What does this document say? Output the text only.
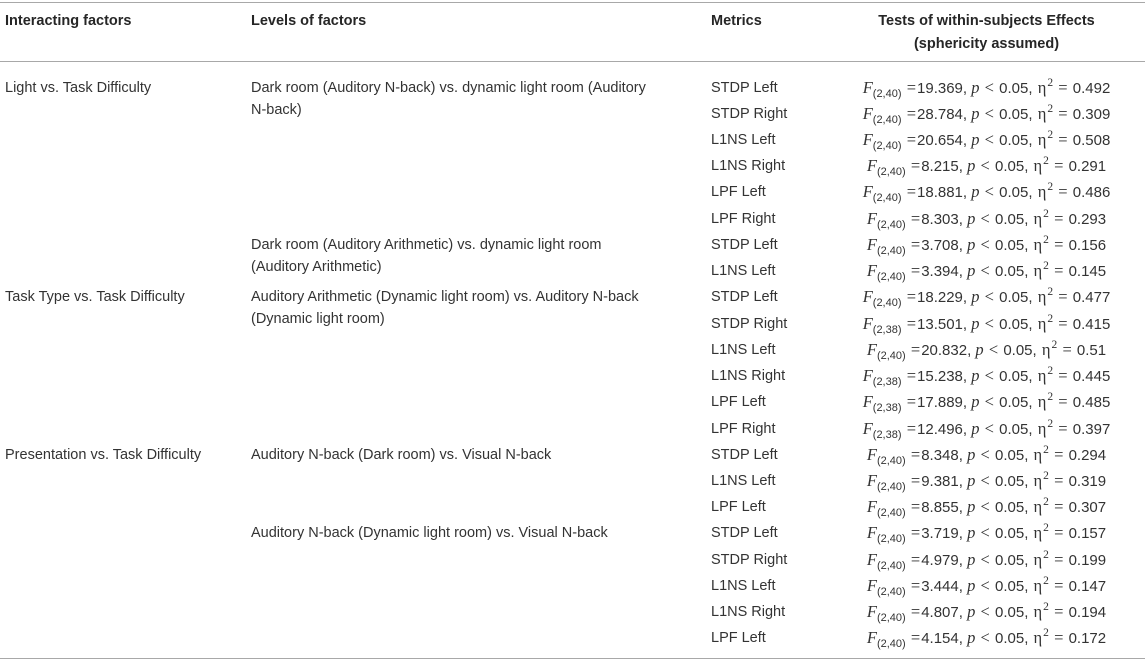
Interacting factors	Levels of factors	Metrics	Tests of within-subjects Effects (sphericity assumed)

Light vs. Task Difficulty	Dark room (Auditory N-back) vs. dynamic light room (Auditory N-back)	STDP Left	$F_{(2,40)} =19.369$, p < 0.05, $\eta^2 = 0.492$
		STDP Right	$F_{(2,40)} =28.784$, p < 0.05, $\eta^2 = 0.309$
		L1NS Left	$F_{(2,40)} =20.654$, p < 0.05, $\eta^2 = 0.508$
		L1NS Right	$F_{(2,40)} =8.215$, p < 0.05, $\eta^2 = 0.291$
		LPF Left	$F_{(2,40)} =18.881$, p < 0.05, $\eta^2 = 0.486$
		LPF Right	$F_{(2,40)} =8.303$, p < 0.05, $\eta^2 = 0.293$

	Dark room (Auditory Arithmetic) vs. dynamic light room (Auditory Arithmetic)	STDP Left	$F_{(2,40)} =3.708$, p < 0.05, $\eta^2 = 0.156$
		L1NS Left	$F_{(2,40)} =3.394$, p < 0.05, $\eta^2 = 0.145$
Task Type vs. Task Difficulty	Auditory Arithmetic (Dynamic light room) vs. Auditory N-back (Dynamic light room)	STDP Left	$F_{(2,40)} =18.229$, p < 0.05, $\eta^2 = 0.477$
		STDP Right	$F_{(2,38)} =13.501$, p < 0.05, $\eta^2 = 0.415$
		L1NS Left	$F_{(2,40)} =20.832$, p < 0.05, $\eta^2 = 0.51$
		L1NS Right	$F_{(2,38)} =15.238$, p < 0.05, $\eta^2 = 0.445$
		LPF Left	$F_{(2,38)} =17.889$, p < 0.05, $\eta^2 = 0.485$
		LPF Right	$F_{(2,38)} =12.496$, p < 0.05, $\eta^2 = 0.397$
Presentation vs. Task Difficulty	Auditory N-back (Dark room) vs. Visual N-back	STDP Left	$F_{(2,40)} =8.348$, p < 0.05, $\eta^2 = 0.294$
		L1NS Left	$F_{(2,40)} =9.381$, p < 0.05, $\eta^2 = 0.319$
		LPF Left	$F_{(2,40)} =8.855$, p < 0.05, $\eta^2 = 0.307$

	Auditory N-back (Dynamic light room) vs. Visual N-back	STDP Left	$F_{(2,40)} =3.719$, p < 0.05, $\eta^2 = 0.157$
		STDP Right	$F_{(2,40)} =4.979$, p < 0.05, $\eta^2 = 0.199$
		L1NS Left	$F_{(2,40)} =3.444$, p < 0.05, $\eta^2 = 0.147$
		L1NS Right	$F_{(2,40)} =4.807$, p < 0.05, $\eta^2 = 0.194$
		LPF Left	$F_{(2,40)} =4.154$, p < 0.05, $\eta^2 = 0.172$
